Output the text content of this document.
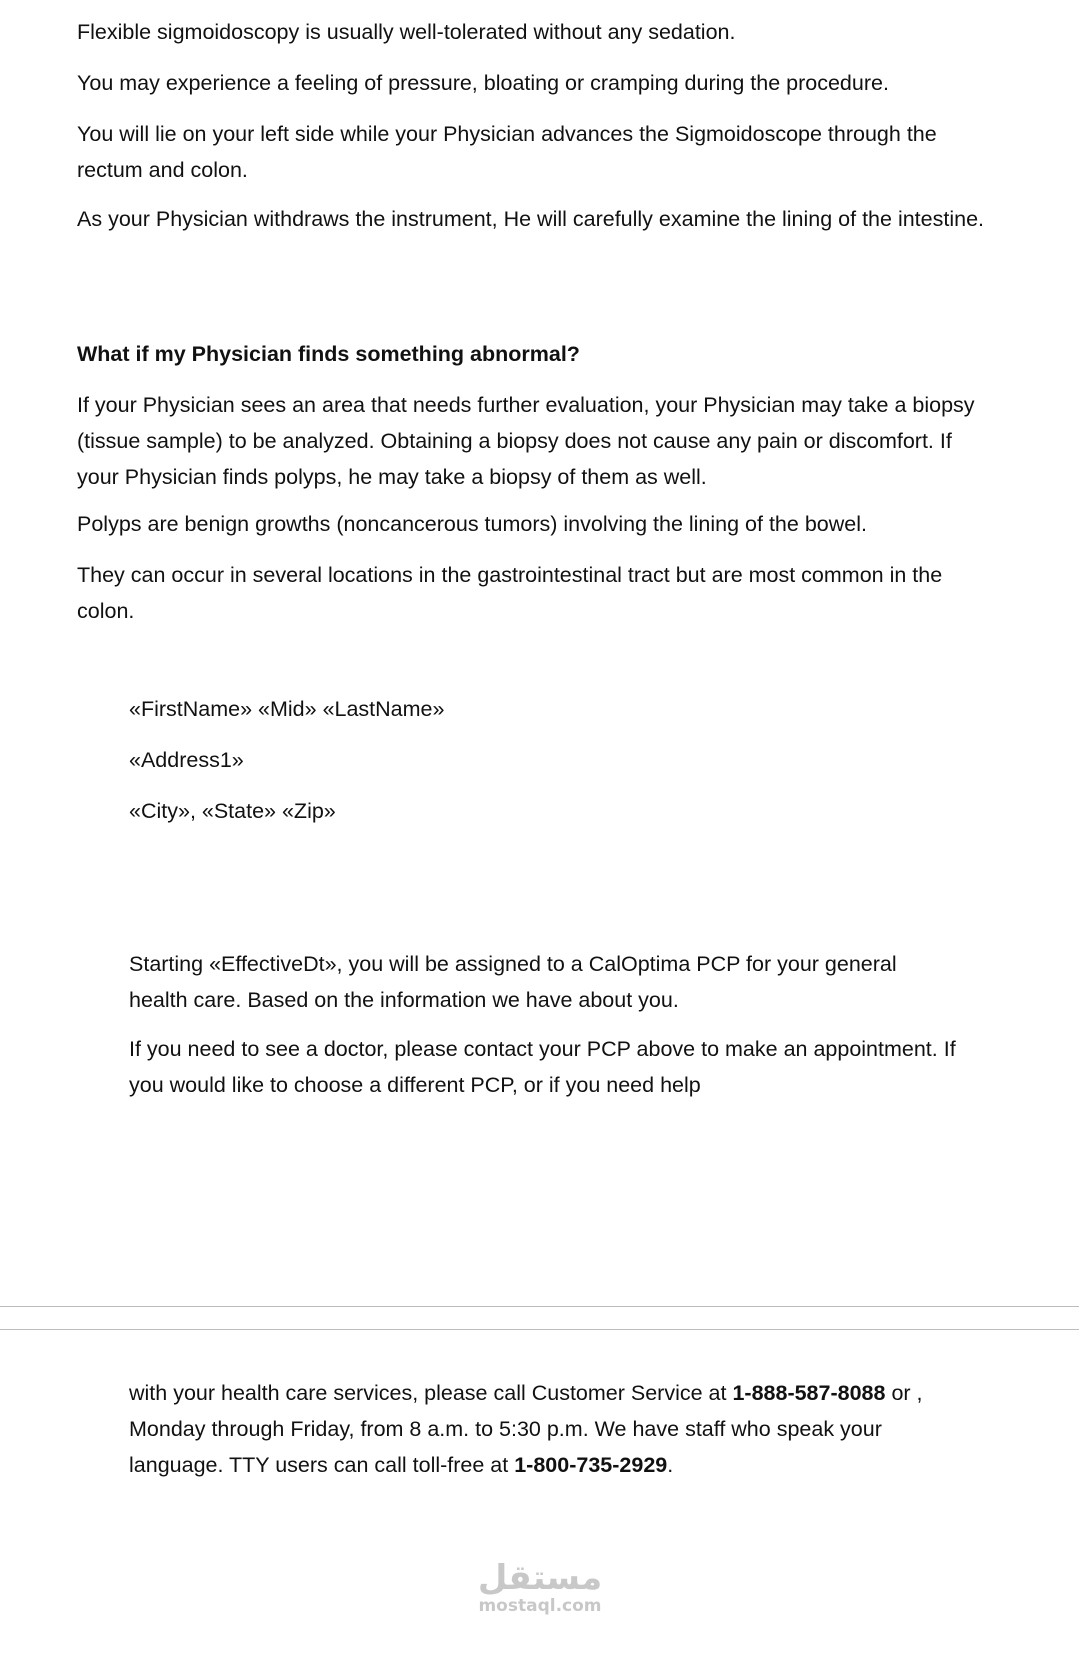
Flexible sigmoidoscopy is usually well-tolerated without any sedation.

You may experience a feeling of pressure, bloating or cramping during the procedure.

You will lie on your left side while your Physician advances the Sigmoidoscope through the rectum and colon.

As your Physician withdraws the instrument, He will carefully examine the lining of the intestine.

What if my Physician finds something abnormal?

If your Physician sees an area that needs further evaluation, your Physician may take a biopsy (tissue sample) to be analyzed. Obtaining a biopsy does not cause any pain or discomfort. If your Physician finds polyps, he may take a biopsy of them as well.

Polyps are benign growths (noncancerous tumors) involving the lining of the bowel.

They can occur in several locations in the gastrointestinal tract but are most common in the colon.

«FirstName» «Mid» «LastName»

«Address1»

«City», «State» «Zip»

Starting «EffectiveDt», you will be assigned to a CalOptima PCP for your general health care. Based on the information we have about you.

If you need to see a doctor, please contact your PCP above to make an appointment. If you would like to choose a different PCP, or if you need help

with your health care services, please call Customer Service at 1-888-587-8088 or , Monday through Friday, from 8 a.m. to 5:30 p.m. We have staff who speak your language. TTY users can call toll-free at 1-800-735-2929.

مستقل
mostaql.com
